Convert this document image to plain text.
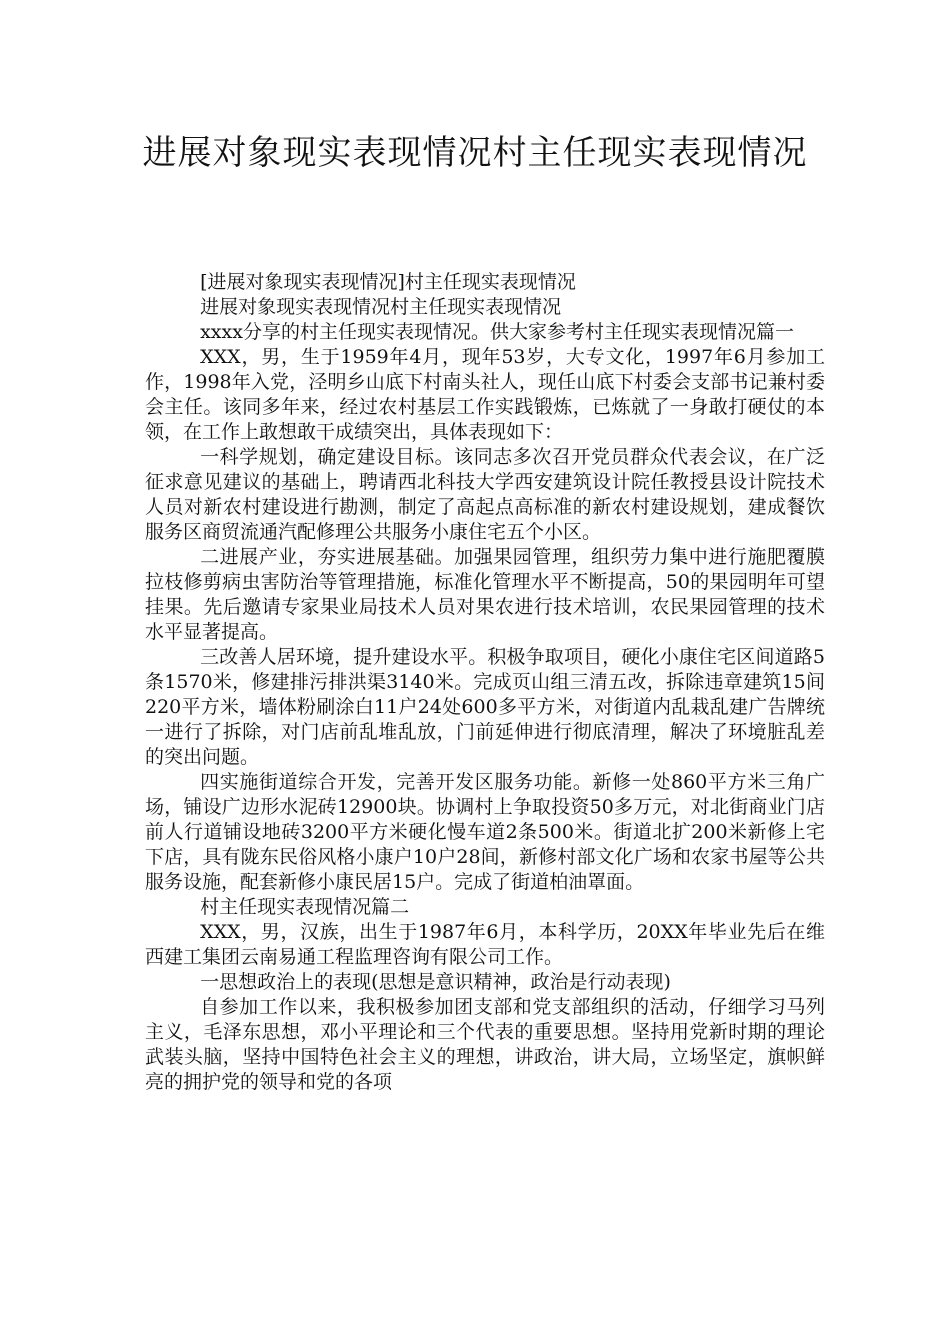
进展对象现实表现情况村主任现实表现情况

[进展对象现实表现情况]村主任现实表现情况

进展对象现实表现情况村主任现实表现情况

xxxx分享的村主任现实表现情况。供大家参考村主任现实表现情况篇一

XXX，男，生于1959年4月，现年53岁，大专文化，1997年6月参加工作，1998年入党，泾明乡山底下村南头社人，现任山底下村委会支部书记兼村委会主任。该同多年来，经过农村基层工作实践锻炼，已炼就了一身敢打硬仗的本领，在工作上敢想敢干成绩突出，具体表现如下：

一科学规划，确定建设目标。该同志多次召开党员群众代表会议，在广泛征求意见建议的基础上，聘请西北科技大学西安建筑设计院任教授县设计院技术人员对新农村建设进行勘测，制定了高起点高标准的新农村建设规划，建成餐饮服务区商贸流通汽配修理公共服务小康住宅五个小区。

二进展产业，夯实进展基础。加强果园管理，组织劳力集中进行施肥覆膜拉枝修剪病虫害防治等管理措施，标准化管理水平不断提高，50的果园明年可望挂果。先后邀请专家果业局技术人员对果农进行技术培训，农民果园管理的技术水平显著提高。

三改善人居环境，提升建设水平。积极争取项目，硬化小康住宅区间道路5条1570米，修建排污排洪渠3140米。完成页山组三清五改，拆除违章建筑15间220平方米，墙体粉刷涂白11户24处600多平方米，对街道内乱栽乱建广告牌统一进行了拆除，对门店前乱堆乱放，门前延伸进行彻底清理，解决了环境脏乱差的突出问题。

四实施街道综合开发，完善开发区服务功能。新修一处860平方米三角广场，铺设广边形水泥砖12900块。协调村上争取投资50多万元，对北街商业门店前人行道铺设地砖3200平方米硬化慢车道2条500米。街道北扩200米新修上宅下店，具有陇东民俗风格小康户10户28间，新修村部文化广场和农家书屋等公共服务设施，配套新修小康民居15户。完成了街道柏油罩面。

村主任现实表现情况篇二

XXX，男，汉族，出生于1987年6月，本科学历，20XX年毕业先后在维西建工集团云南易通工程监理咨询有限公司工作。

一思想政治上的表现(思想是意识精神，政治是行动表现)

自参加工作以来，我积极参加团支部和党支部组织的活动，仔细学习马列主义，毛泽东思想，邓小平理论和三个代表的重要思想。坚持用党新时期的理论武装头脑，坚持中国特色社会主义的理想，讲政治，讲大局，立场坚定，旗帜鲜亮的拥护党的领导和党的各项
